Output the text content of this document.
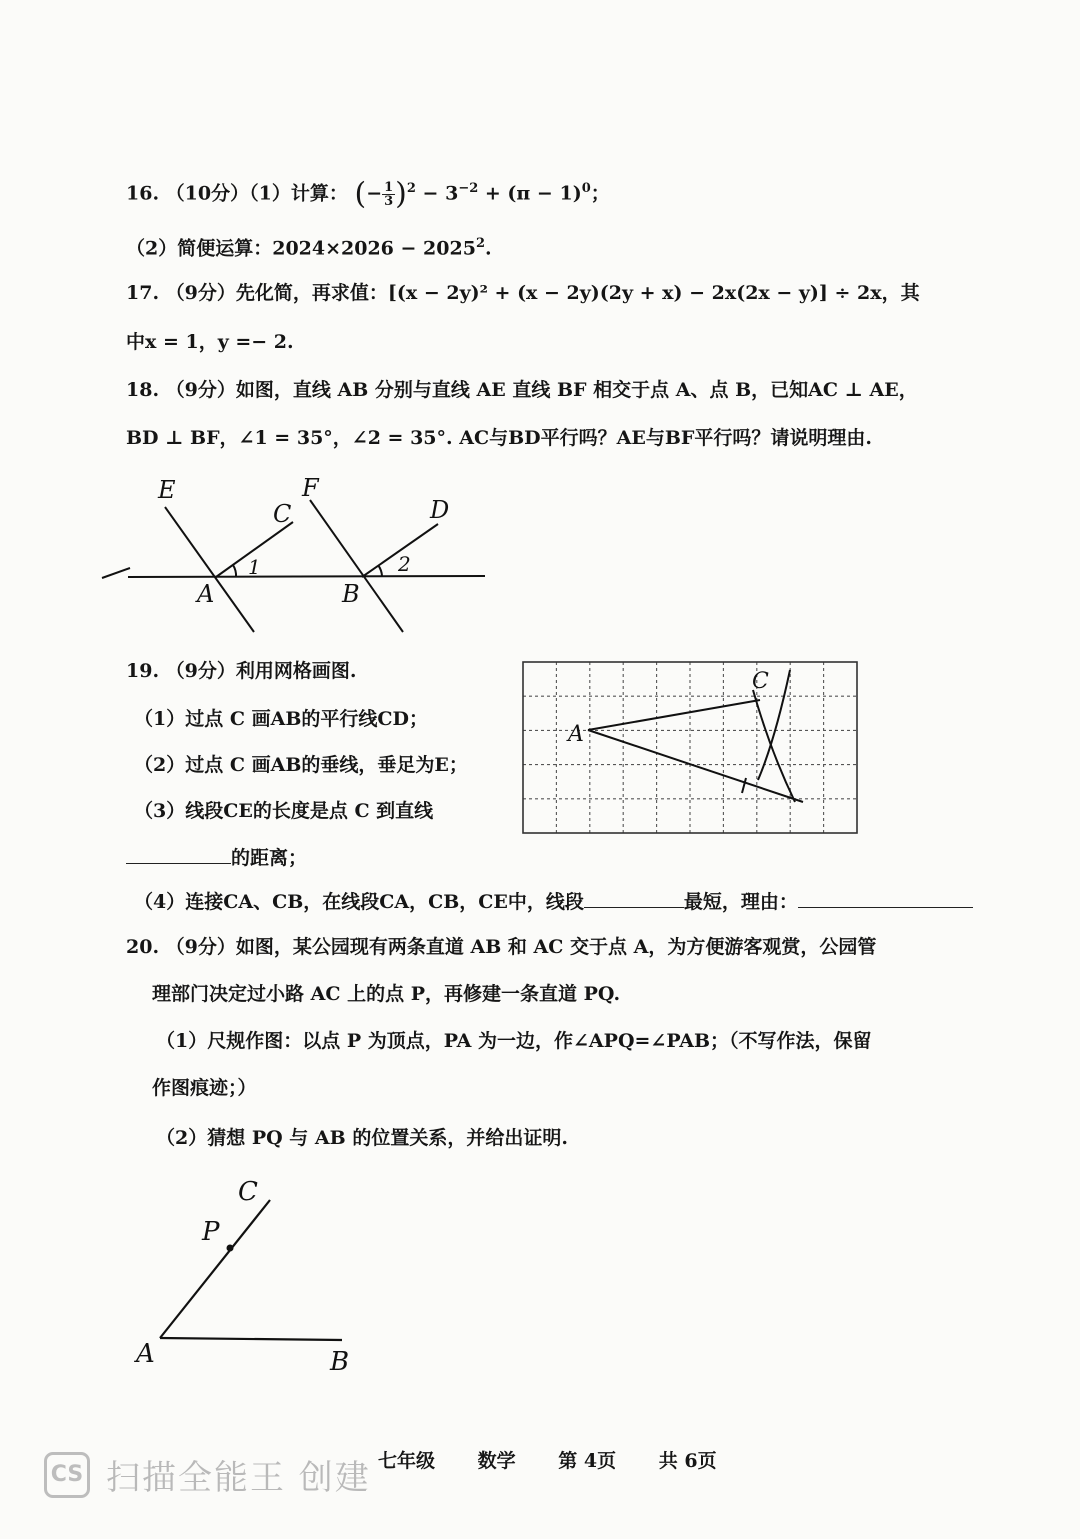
16. （10分）（1）计算： (− $\frac{1}{3} )^2 - 3^{-2} + (\pi - 1)^0$；
（2）简便运算：$2024\times 2026 - 2025^2$.
17. （9分）先化简，再求值：[(x − 2y)² + (x − 2y)(2y + x) − 2x(2x − y)] ÷ 2x，其
中x = 1，y =− 2.
18. （9分）如图，直线 AB 分别与直线 AE 直线 BF 相交于点 A、点 B，已知AC ⊥ AE，
BD ⊥ BF，∠1 = 35°，∠2 = 35°. AC与BD平行吗？AE与BF平行吗？请说明理由.
E
C
1
A
F
D
2
B
19. （9分）利用网格画图.
（1）过点 C 画AB的平行线CD；
（2）过点 C 画AB的垂线，垂足为E；
（3）线段CE的长度是点 C 到直线
的距离；
（4）连接CA、CB，在线段CA，CB，CE中，线段	最短，理由：
A
C
20. （9分）如图，某公园现有两条直道 AB 和 AC 交于点 A，为方便游客观赏，公园管
理部门决定过小路 AC 上的点 P，再修建一条直道 PQ.
（1）尺规作图：以点 P 为顶点，PA 为一边，作∠APQ=∠PAB；（不写作法，保留
作图痕迹；）
（2）猜想 PQ 与 AB 的位置关系，并给出证明.
C
P
A	B
七年级 数学 第 4页 共 6页
CS 扫描全能王 创建
